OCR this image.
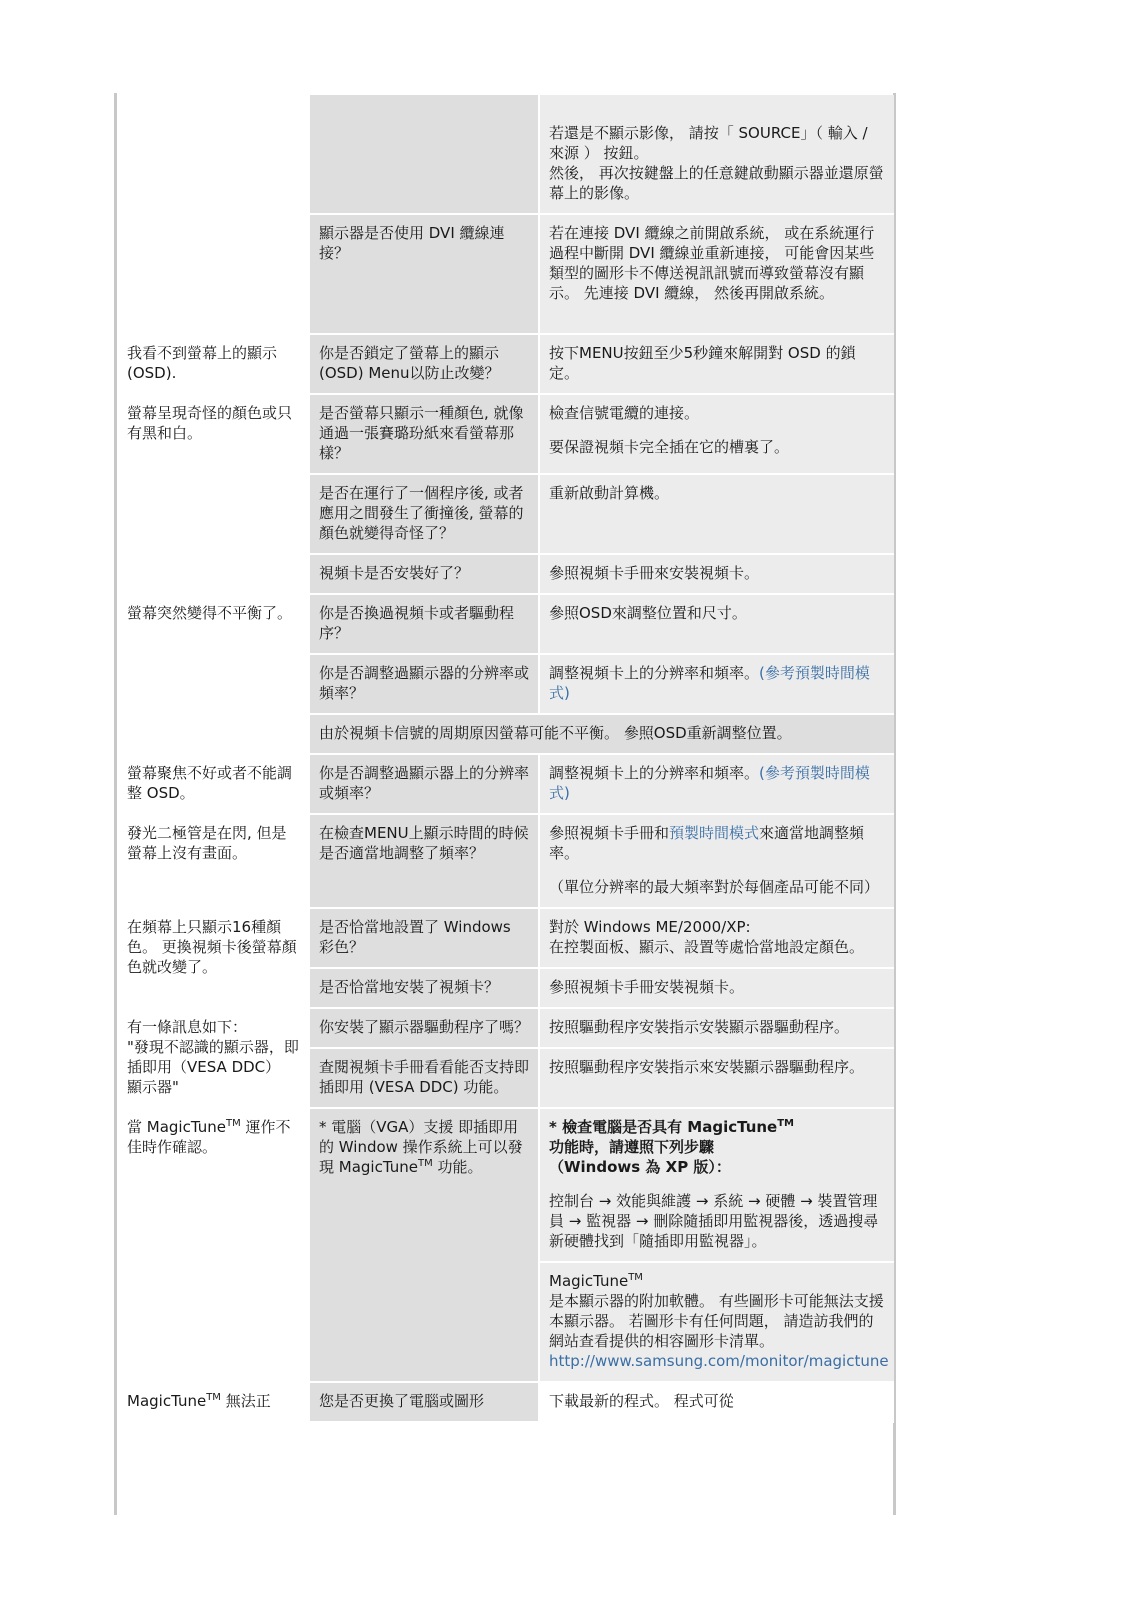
		若還是不顯示影像， 請按「 SOURCE」（ 輸入 / 來源 ） 按鈕。
然後， 再次按鍵盤上的任意鍵啟動顯示器並還原螢幕上的影像。

	顯示器是否使用 DVI 纜線連接？	若在連接 DVI 纜線之前開啟系統， 或在系統運行過程中斷開 DVI 纜線並重新連接， 可能會因某些類型的圖形卡不傳送視訊訊號而導致螢幕沒有顯示。 先連接 DVI 纜線， 然後再開啟系統。
我看不到螢幕上的顯示 (OSD).	你是否鎖定了螢幕上的顯示(OSD) Menu以防止改變？	按下MENU按鈕至少5秒鐘來解開對 OSD 的鎖定。
螢幕呈現奇怪的顏色或只有黑和白。	是否螢幕只顯示一種顏色, 就像通過一張賽璐玢紙來看螢幕那樣？	檢查信號電纜的連接。
要保證視頻卡完全插在它的槽裏了。

	是否在運行了一個程序後, 或者應用之間發生了衝撞後, 螢幕的顏色就變得奇怪了？	重新啟動計算機。
	視頻卡是否安裝好了？	參照視頻卡手冊來安裝視頻卡。
螢幕突然變得不平衡了。	你是否換過視頻卡或者驅動程序？	參照OSD來調整位置和尺寸。
	你是否調整過顯示器的分辨率或頻率？	調整視頻卡上的分辨率和頻率。(參考預製時間模式)
	由於視頻卡信號的周期原因螢幕可能不平衡。 參照OSD重新調整位置。	
螢幕聚焦不好或者不能調整 OSD。	你是否調整過顯示器上的分辨率或頻率？	調整視頻卡上的分辨率和頻率。(參考預製時間模式)
發光二極管是在閃, 但是螢幕上沒有畫面。	在檢查MENU上顯示時間的時候是否適當地調整了頻率？	參照視頻卡手冊和預製時間模式來適當地調整頻率。
（單位分辨率的最大頻率對於每個產品可能不同）

在頻幕上只顯示16種顏色。 更換視頻卡後螢幕顏色就改變了。	是否恰當地設置了 Windows 彩色？	對於 Windows ME/2000/XP:
在控製面板、顯示、設置等處恰當地設定顏色。

	是否恰當地安裝了視頻卡？	參照視頻卡手冊安裝視頻卡。

有一條訊息如下：
"發現不認識的顯示器，即插即用（VESA DDC）
顯示器"	你安裝了顯示器驅動程序了嗎？	按照驅動程序安裝指示安裝顯示器驅動程序。
	查閱視頻卡手冊看看能否支持即插即用 (VESA DDC) 功能。	按照驅動程序安裝指示來安裝顯示器驅動程序。
當 MagicTune™ 運作不佳時作確認。	* 電腦（VGA）支援 即插即用的 Window 操作系統上可以發現 MagicTune™ 功能。	* 檢查電腦是否具有 MagicTune™
功能時，請遵照下列步驟
（Windows 為 XP 版）：
控制台 → 效能與維護 → 系統 → 硬體 → 裝置管理員 → 監視器 → 刪除隨插即用監視器後，透過搜尋新硬體找到「隨插即用監視器」。

		MagicTune™
是本顯示器的附加軟體。 有些圖形卡可能無法支援本顯示器。 若圖形卡有任何問題， 請造訪我們的網站查看提供的相容圖形卡清單。
http://www.samsung.com/monitor/magictune

MagicTune™ 無法正	您是否更換了電腦或圖形	下載最新的程式。 程式可從
